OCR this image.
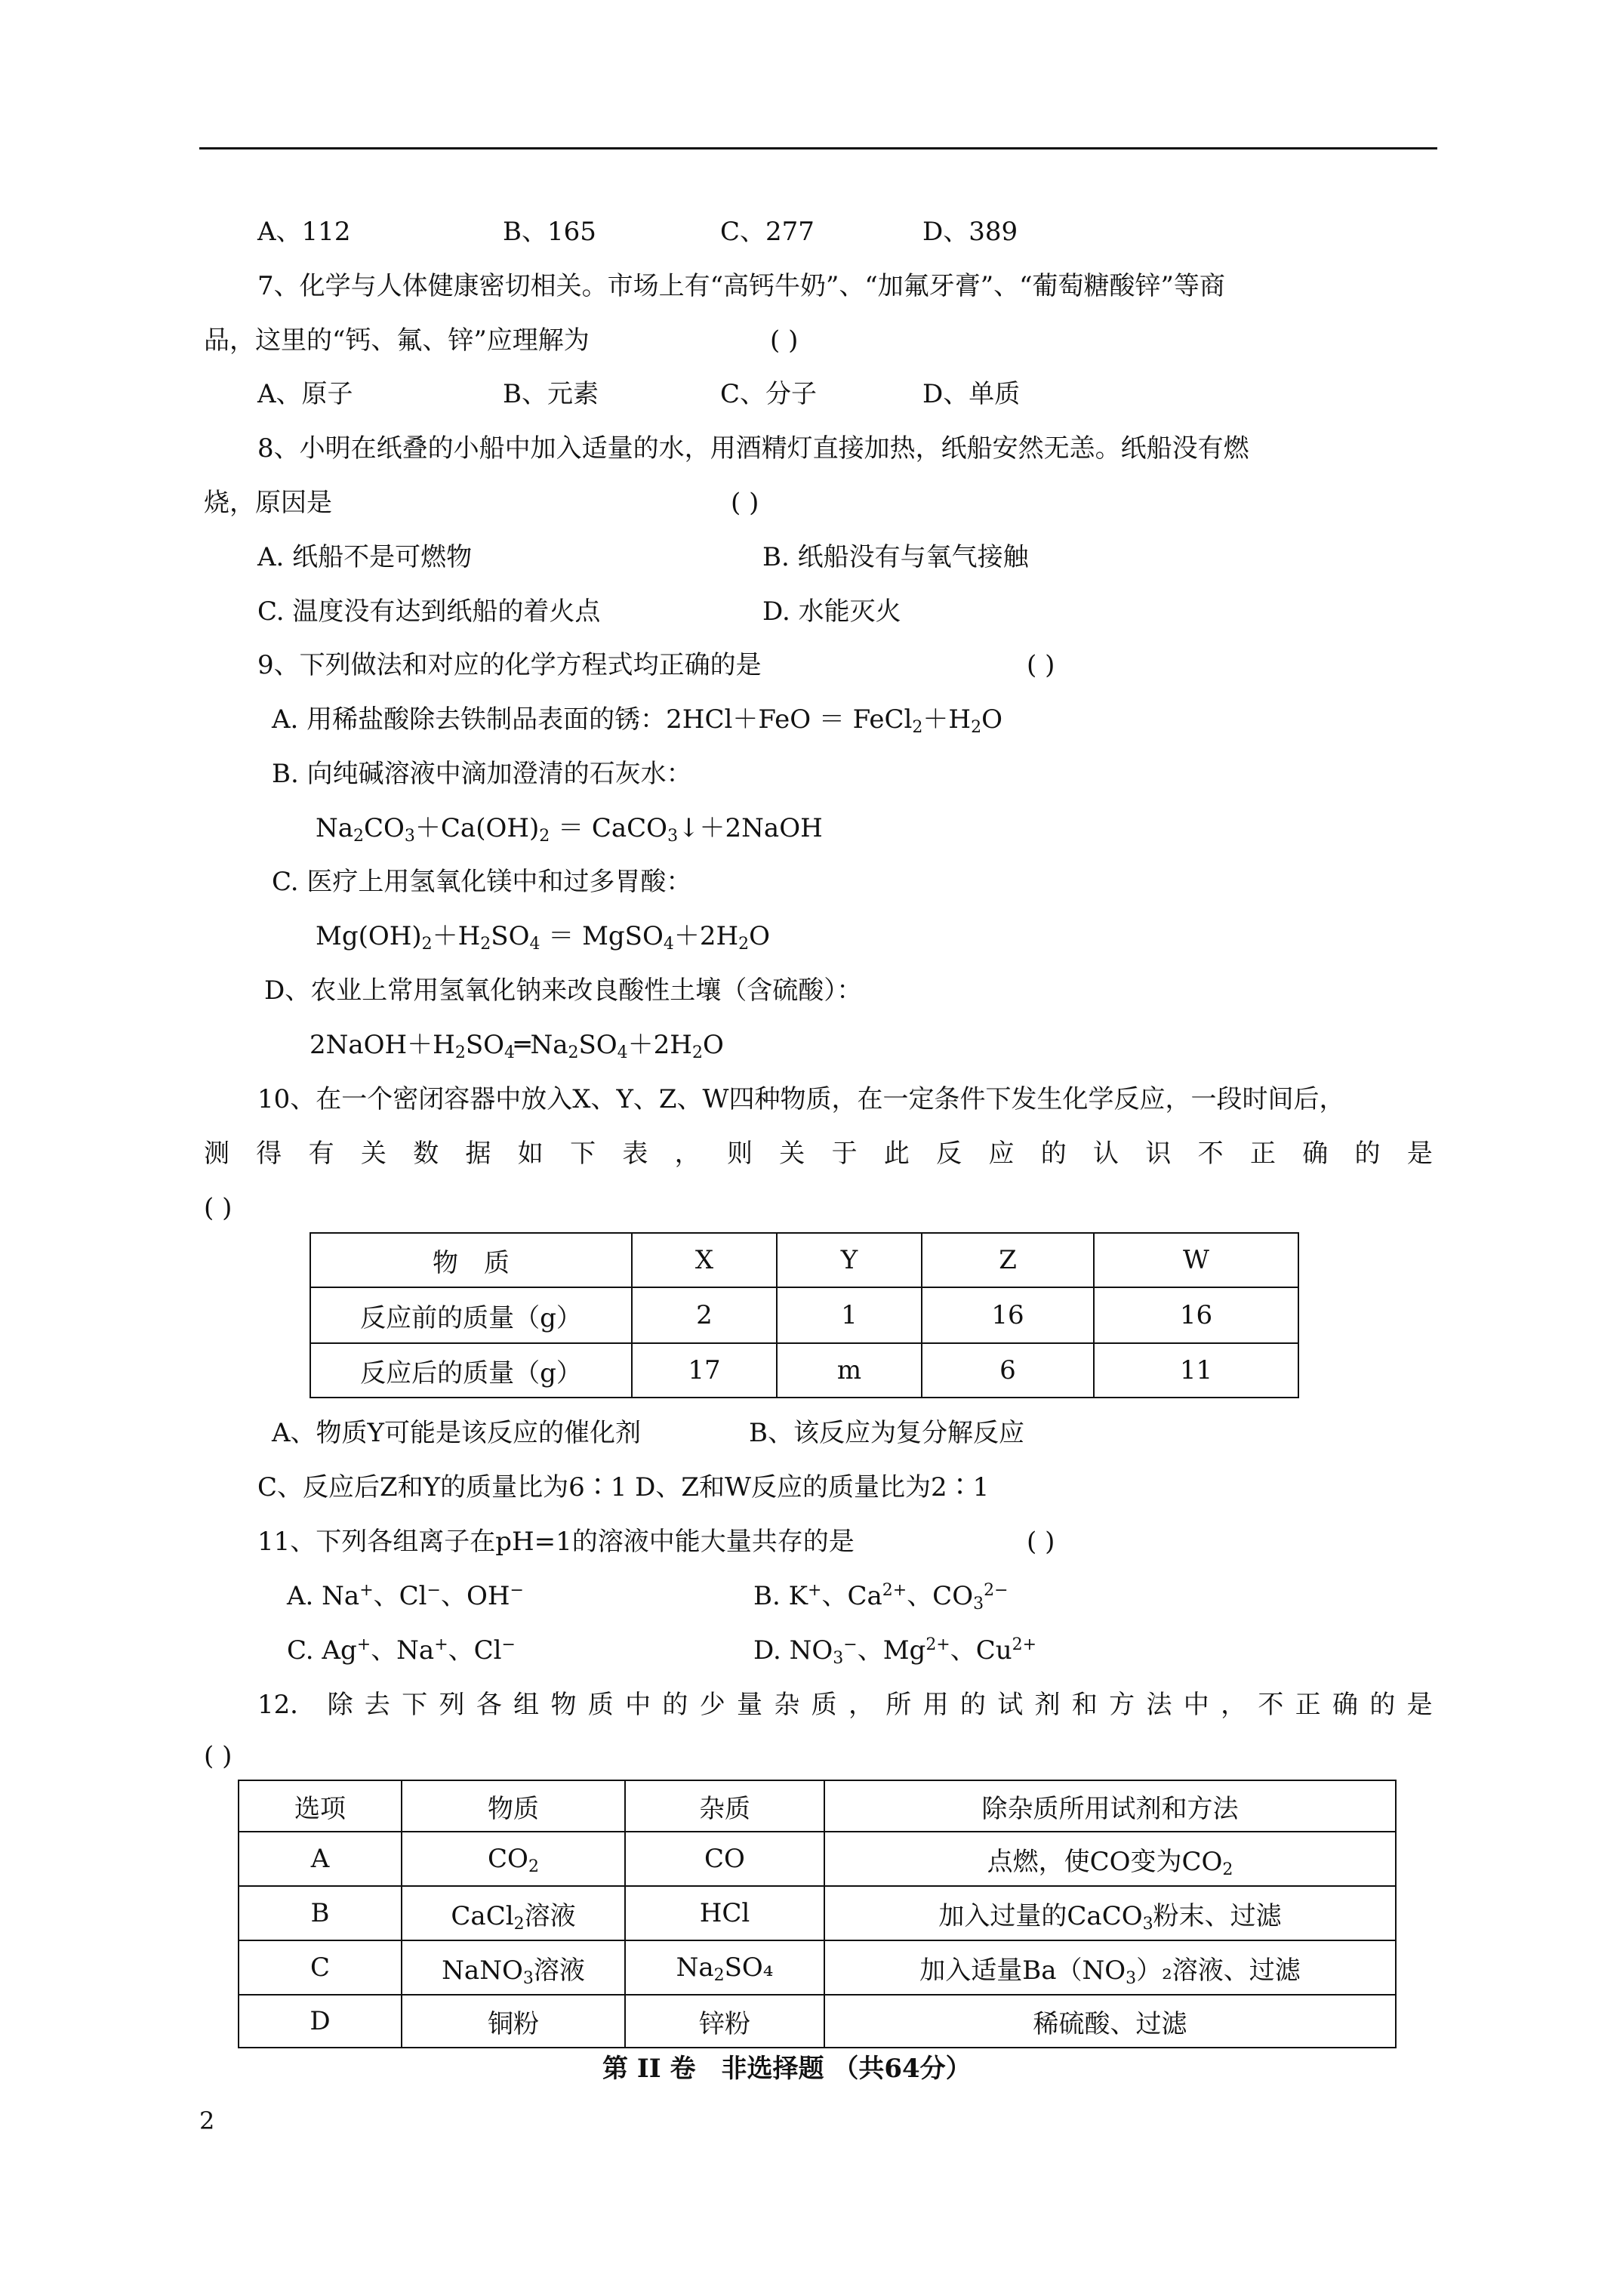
A、112	B、165	C、277	D、389
7、化学与人体健康密切相关。市场上有“高钙牛奶”、“加氟牙膏”、“葡萄糖酸锌”等商
品，这里的“钙、氟、锌”应理解为	( )
A、原子	B、元素	C、分子	D、单质
8、小明在纸叠的小船中加入适量的水，用酒精灯直接加热，纸船安然无恙。纸船没有燃
烧，原因是	( )
A. 纸船不是可燃物	B. 纸船没有与氧气接触
C. 温度没有达到纸船的着火点	D. 水能灭火
9、下列做法和对应的化学方程式均正确的是	( )
A. 用稀盐酸除去铁制品表面的锈：$2HCl+FeO = FeCl_2+H_2O$
B. 向纯碱溶液中滴加澄清的石灰水：
$Na_2CO_3+Ca(OH)_2$ ＝ CaCO$_3$↓＋2NaOH
C. 医疗上用氢氧化镁中和过多胃酸：
$Mg(OH)_2+H_2SO_4$ ＝ $MgSO_4+2H_2O$
D、农业上常用氢氧化钠来改良酸性土壤（含硫酸）：
$2NaOH+H_2SO_4═Na_2SO_4+2H_2O$
10、在一个密闭容器中放入X、Y、Z、W四种物质，在一定条件下发生化学反应，一段时间后，
测 得 有 关 数 据 如 下 表 ， 则 关 于 此 反 应 的 认 识 不 正 确 的 是
( )
物　质	X	Y	Z	W
反应前的质量（g）	2	1	16	16
反应后的质量（g）	17	m	6	11
A、物质Y可能是该反应的催化剂	B、该反应为复分解反应
C、反应后Z和Y的质量比为6∶1 D、Z和W反应的质量比为2∶1
11、下列各组离子在pH=1的溶液中能大量共存的是	( )
A. Na+、Cl−、OH−	B. K+、$Ca^{2+}$、$CO_3^{2-}$
C. Ag+、Na+、Cl−	D. $NO_3^-$、$Mg^{2+}$、$Cu^{2+}$
12． 除 去 下 列 各 组 物 质 中 的 少 量 杂 质 ， 所 用 的 试 剂 和 方 法 中 ， 不 正 确 的 是
( )
选项	物质	杂质	除杂质所用试剂和方法
A	$CO_2$	CO	点燃，使CO变为$CO_2$
B	CaCl$_2$溶液	HCl	加入过量的CaCO$_3$粉末、过滤
C	NaNO$_3$溶液	$Na_2SO_4$	加入适量$Ba(NO_3)_2$溶液、过滤
D	铜粉	锌粉	稀硫酸、过滤
第 II 卷　非选择题 （共64分）
2
